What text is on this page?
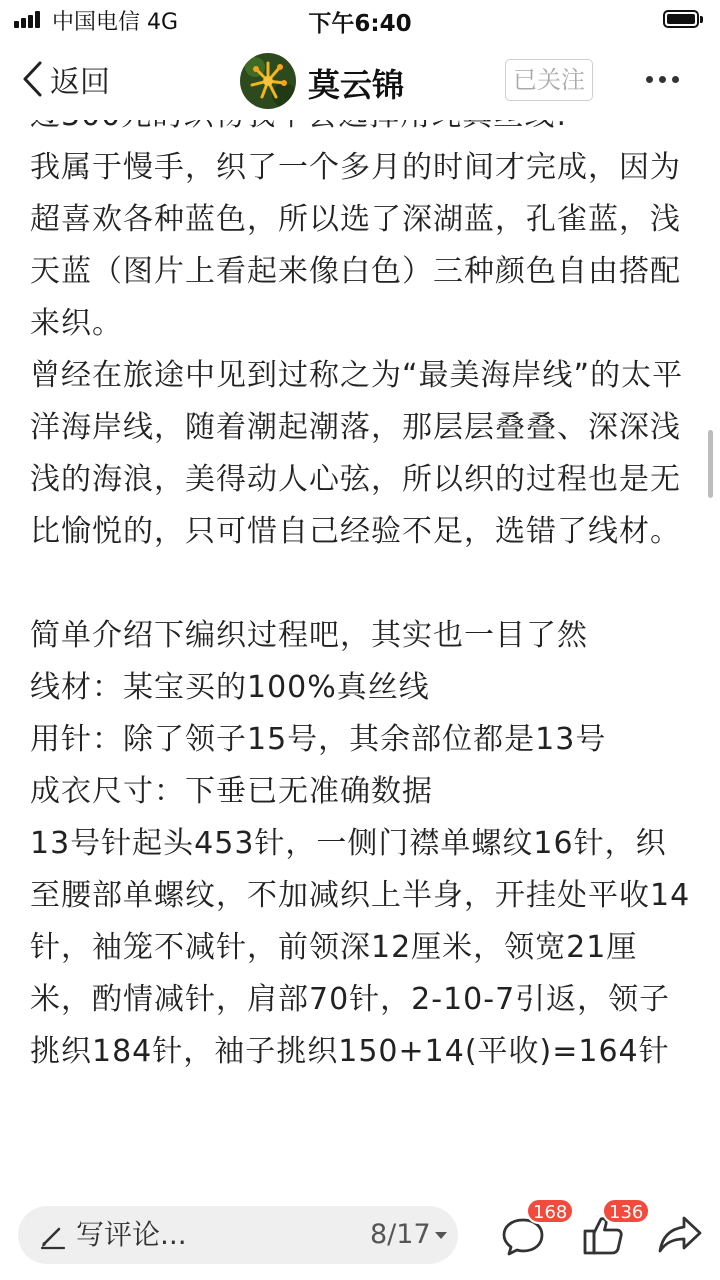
中国电信 4G	下午6:40

我属于慢手，织了一个多月的时间才完成，因为超喜欢各种蓝色，所以选了深湖蓝，孔雀蓝，浅天蓝（图片上看起来像白色）三种颜色自由搭配来织。

曾经在旅途中见到过称之为“最美海岸线”的太平洋海岸线，随着潮起潮落，那层层叠叠、深深浅浅的海浪，美得动人心弦，所以织的过程也是无比愉悦的，只可惜自己经验不足，选错了线材。

简单介绍下编织过程吧，其实也一目了然

线材：某宝买的100%真丝线

用针：除了领子15号，其余部位都是13号

成衣尺寸：下垂已无准确数据

13号针起头453针，一侧门襟单螺纹16针，织至腰部单螺纹，不加减织上半身，开挂处平收14针，袖笼不减针，前领深12厘米，领宽21厘米，酌情减针，肩部70针，2-10-7引返，领子挑织184针，袖子挑织150+14(平收)=164针

返回	莫云锦	已关注
写评论...	8/17
168	136
